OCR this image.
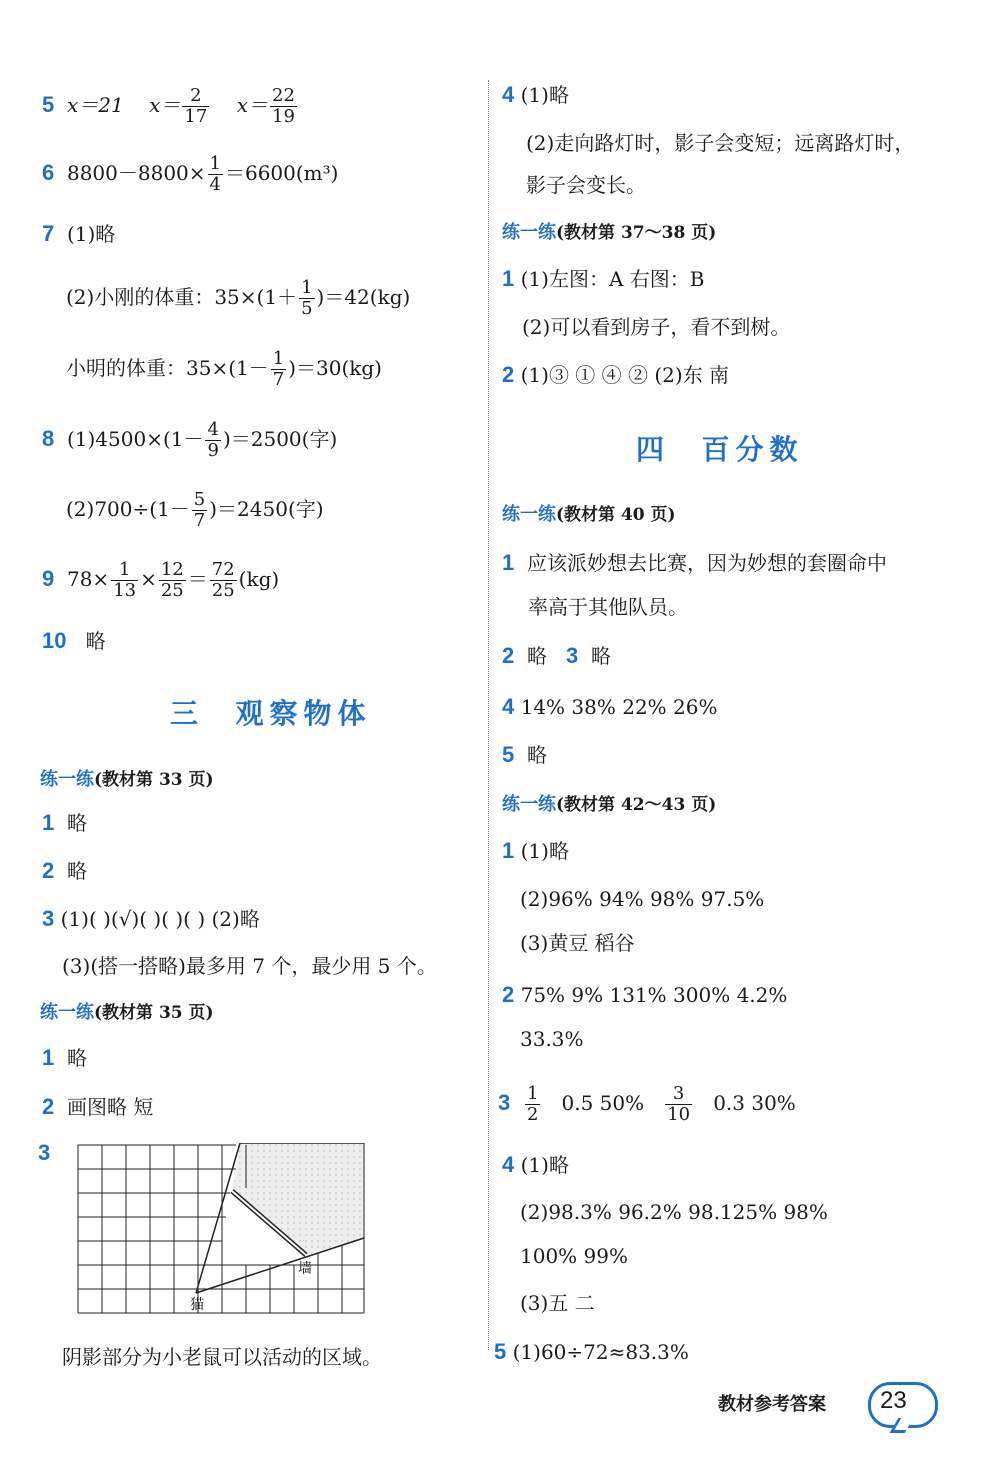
5 x＝21 $x= \frac{2}{17} x= \frac{22}{19}$
6 $8800-8800\times \frac{1}{4} =6600(m^3)$
7 (1)略
(2)小刚的体重：$35\times(1+ \frac{1}{5} )=42(kg)$
小明的体重：$35\times(1- \frac{1}{7} )=30(kg)$
8 $(1)4500\times(1- \frac{4}{9} )=2500$(字)
$(2)700\div(1- \frac{5}{7} )=2450$(字)
9 $78\times \frac{1}{13} \times \frac{12}{25} = \frac{72}{25} (kg)$
10 略
三 观察物体
练一练(教材第 33 页)
1 略
2 略
3 (1)( )(√)( )( )( ) (2)略
(3)(搭一搭略)最多用 7 个，最少用 5 个。
练一练(教材第 35 页)
1 略
2 画图略 短
3
墙
猫
阴影部分为小老鼠可以活动的区域。
4 (1)略
(2)走向路灯时，影子会变短；远离路灯时，
影子会变长。
练一练(教材第 37～38 页)
1 (1)左图：A 右图：B
(2)可以看到房子，看不到树。
2 (1)③ ① ④ ② (2)东 南
四 百分数
练一练(教材第 40 页)
1 应该派妙想去比赛，因为妙想的套圈命中
率高于其他队员。
2 略 3 略
4 14% 38% 22% 26%
5 略
练一练(教材第 42～43 页)
1 (1)略
(2)96% 94% 98% 97.5%
(3)黄豆 稻谷
2 75% 9% 131% 300% 4.2%
33.3%
$3 \frac{1}{2} 0.5$ $50\% \frac{3}{10} 0.3$ 30%
4 (1)略
(2)98.3% 96.2% 98.125% 98%
100% 99%
(3)五 二
5 (1)60÷72≈83.3%
教材参考答案 23
